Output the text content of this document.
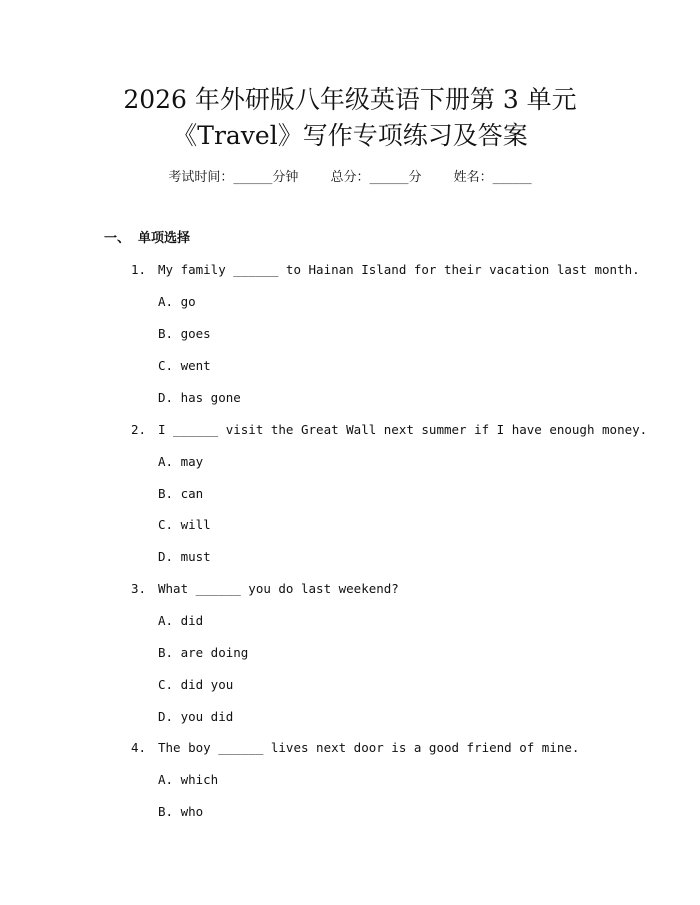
2026 年外研版八年级英语下册第 3 单元
《Travel》写作专项练习及答案
考试时间：______分钟 总分：______分 姓名：______
一、 单项选择
1. My family ______ to Hainan Island for their vacation last month.
A. go
B. goes
C. went
D. has gone
2. I ______ visit the Great Wall next summer if I have enough money.
A. may
B. can
C. will
D. must
3. What ______ you do last weekend?
A. did
B. are doing
C. did you
D. you did
4. The boy ______ lives next door is a good friend of mine.
A. which
B. who
